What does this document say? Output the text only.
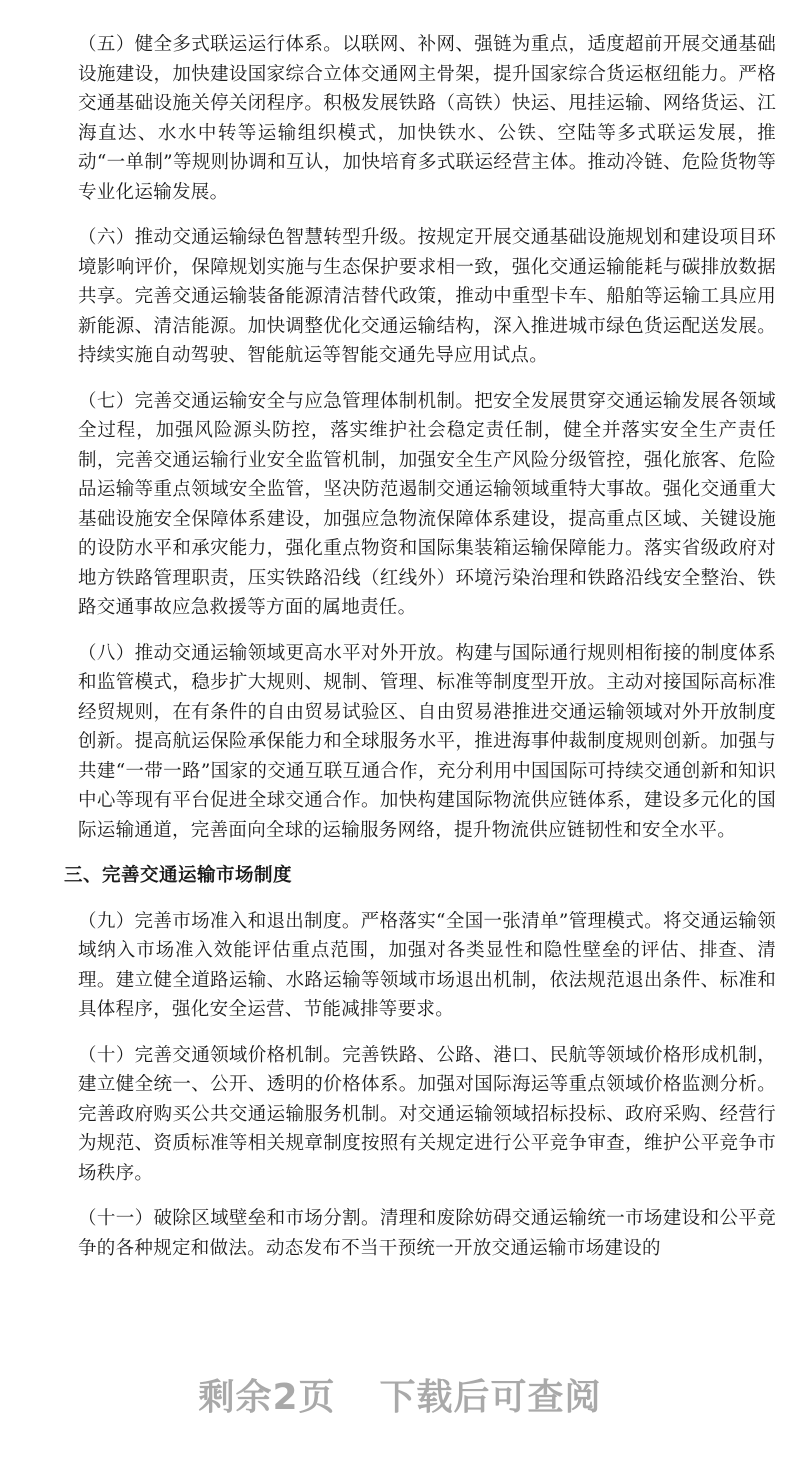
（五）健全多式联运运行体系。以联网、补网、强链为重点，适度超前开展交通基础设施建设，加快建设国家综合立体交通网主骨架，提升国家综合货运枢纽能力。严格交通基础设施关停关闭程序。积极发展铁路（高铁）快运、甩挂运输、网络货运、江海直达、水水中转等运输组织模式，加快铁水、公铁、空陆等多式联运发展，推动“一单制”等规则协调和互认，加快培育多式联运经营主体。推动冷链、危险货物等专业化运输发展。

（六）推动交通运输绿色智慧转型升级。按规定开展交通基础设施规划和建设项目环境影响评价，保障规划实施与生态保护要求相一致，强化交通运输能耗与碳排放数据共享。完善交通运输装备能源清洁替代政策，推动中重型卡车、船舶等运输工具应用新能源、清洁能源。加快调整优化交通运输结构，深入推进城市绿色货运配送发展。持续实施自动驾驶、智能航运等智能交通先导应用试点。

（七）完善交通运输安全与应急管理体制机制。把安全发展贯穿交通运输发展各领域全过程，加强风险源头防控，落实维护社会稳定责任制，健全并落实安全生产责任制，完善交通运输行业安全监管机制，加强安全生产风险分级管控，强化旅客、危险品运输等重点领域安全监管，坚决防范遏制交通运输领域重特大事故。强化交通重大基础设施安全保障体系建设，加强应急物流保障体系建设，提高重点区域、关键设施的设防水平和承灾能力，强化重点物资和国际集装箱运输保障能力。落实省级政府对地方铁路管理职责，压实铁路沿线（红线外）环境污染治理和铁路沿线安全整治、铁路交通事故应急救援等方面的属地责任。

（八）推动交通运输领域更高水平对外开放。构建与国际通行规则相衔接的制度体系和监管模式，稳步扩大规则、规制、管理、标准等制度型开放。主动对接国际高标准经贸规则，在有条件的自由贸易试验区、自由贸易港推进交通运输领域对外开放制度创新。提高航运保险承保能力和全球服务水平，推进海事仲裁制度规则创新。加强与共建“一带一路”国家的交通互联互通合作，充分利用中国国际可持续交通创新和知识中心等现有平台促进全球交通合作。加快构建国际物流供应链体系，建设多元化的国际运输通道，完善面向全球的运输服务网络，提升物流供应链韧性和安全水平。

三、完善交通运输市场制度

（九）完善市场准入和退出制度。严格落实“全国一张清单”管理模式。将交通运输领域纳入市场准入效能评估重点范围，加强对各类显性和隐性壁垒的评估、排查、清理。建立健全道路运输、水路运输等领域市场退出机制，依法规范退出条件、标准和具体程序，强化安全运营、节能减排等要求。

（十）完善交通领域价格机制。完善铁路、公路、港口、民航等领域价格形成机制，建立健全统一、公开、透明的价格体系。加强对国际海运等重点领域价格监测分析。完善政府购买公共交通运输服务机制。对交通运输领域招标投标、政府采购、经营行为规范、资质标准等相关规章制度按照有关规定进行公平竞争审查，维护公平竞争市场秩序。

（十一）破除区域壁垒和市场分割。清理和废除妨碍交通运输统一市场建设和公平竞争的各种规定和做法。动态发布不当干预统一开放交通运输市场建设的

剩余2页 下载后可查阅
